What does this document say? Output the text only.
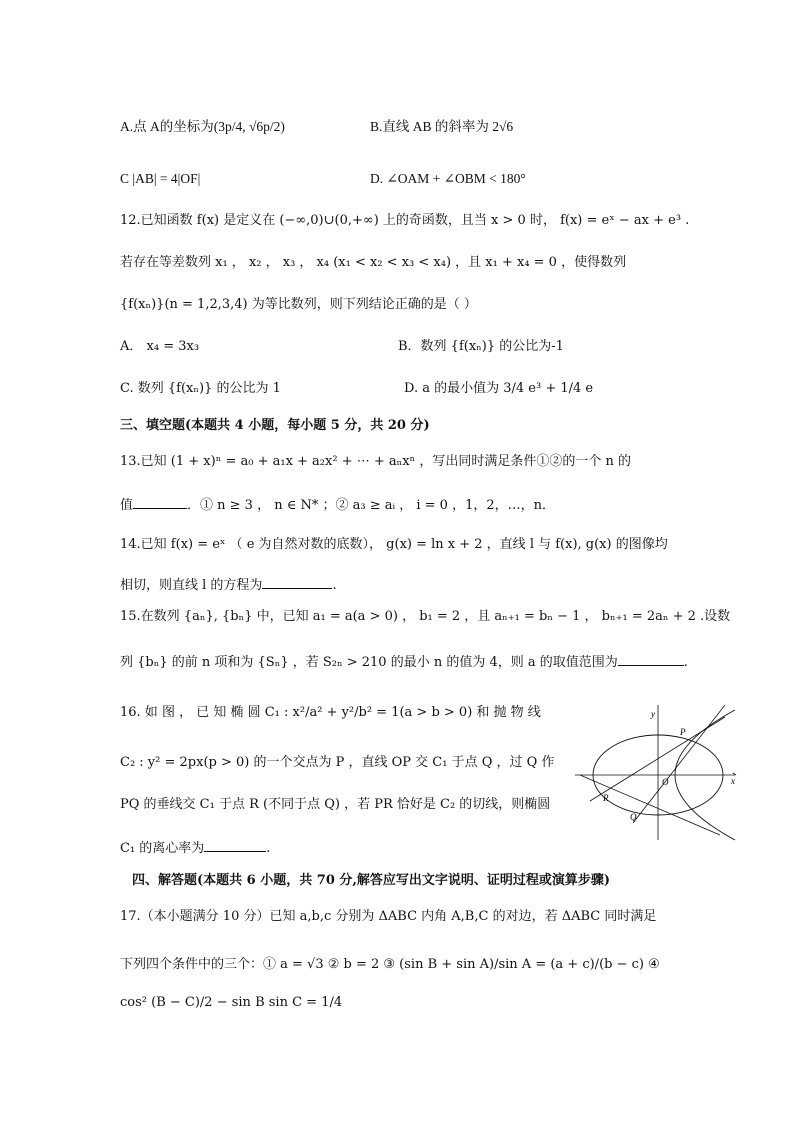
A.点 A的坐标为(3p/4, √6p/2)	B.直线 AB 的斜率为 2√6
C |AB| = 4|OF|	D. ∠OAM + ∠OBM < 180°
12.已知函数 f(x) 是定义在 (−∞,0)∪(0,+∞) 上的奇函数，且当 x > 0 时， f(x) = eˣ − ax + e³ .
若存在等差数列 x₁ ， x₂ ， x₃ ， x₄ (x₁ < x₂ < x₃ < x₄) ，且 x₁ + x₄ = 0 ，使得数列
{f(xₙ)}(n = 1,2,3,4) 为等比数列，则下列结论正确的是（ ）
A． x₄ = 3x₃	B．数列 {f(xₙ)} 的公比为-1
C. 数列 {f(xₙ)} 的公比为 1	D. a 的最小值为 3/4 e³ + 1/4 e
三、填空题(本题共 4 小题，每小题 5 分，共 20 分)
13.已知 (1 + x)ⁿ = a₀ + a₁x + a₂x² + ⋯ + aₙxⁿ ，写出同时满足条件①②的一个 n 的
值	．① n ≥ 3 ， n ∈ N* ；② a₃ ≥ aᵢ ， i = 0 ，1，2，…，n．
14.已知 f(x) = eˣ （ e 为自然对数的底数）， g(x) = ln x + 2 ，直线 l 与 f(x), g(x) 的图像均
相切，则直线 l 的方程为	.
15.在数列 {aₙ}, {bₙ} 中，已知 a₁ = a(a > 0) ， b₁ = 2 ，且 aₙ₊₁ = bₙ − 1 ， bₙ₊₁ = 2aₙ + 2 .设数
列 {bₙ} 的前 n 项和为 {Sₙ} ，若 S₂ₙ > 210 的最小 n 的值为 4，则 a 的取值范围为	.
16. 如 图 ， 已 知 椭 圆 C₁ : x²/a² + y²/b² = 1(a > b > 0) 和 抛 物 线
C₂ : y² = 2px(p > 0) 的一个交点为 P ，直线 OP 交 C₁ 于点 Q ，过 Q 作
PQ 的垂线交 C₁ 于点 R (不同于点 Q) ，若 PR 恰好是 C₂ 的切线，则椭圆
C₁ 的离心率为	.
y
P
O	x
R
Q
四、解答题(本题共 6 小题，共 70 分,解答应写出文字说明、证明过程或演算步骤)
17.（本小题满分 10 分）已知 a,b,c 分别为 ΔABC 内角 A,B,C 的对边，若 ΔABC 同时满足
下列四个条件中的三个：① a = √3 ② b = 2 ③ (sin B + sin A)/sin A = (a + c)/(b − c) ④
cos² (B − C)/2 − sin B sin C = 1/4
